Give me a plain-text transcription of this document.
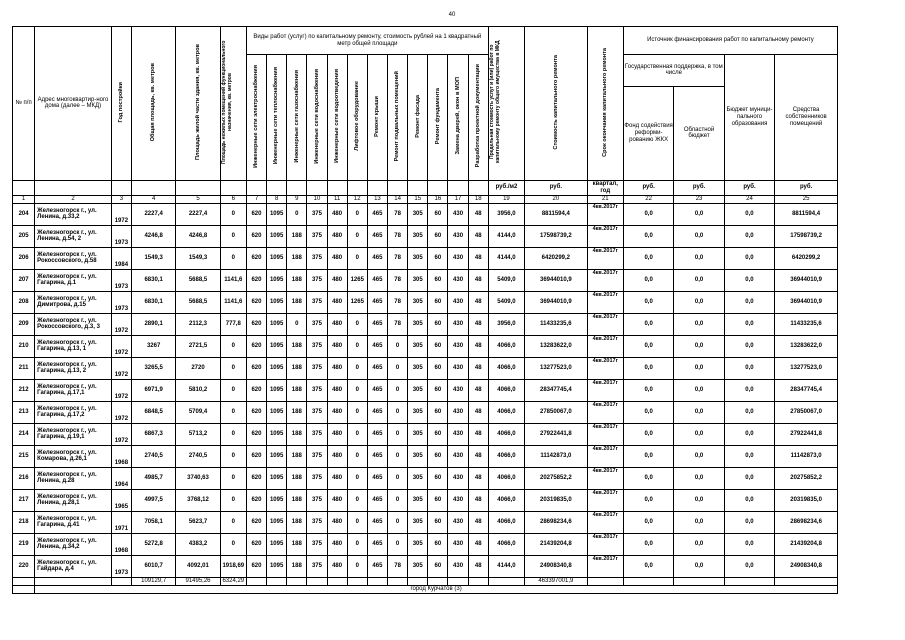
40
№ п/п	Адрес многоквартир-ного дома (далее – МКД)	Год постройки	Общая площадь, кв. метров	Площадь жилой части здания, кв. метров	Площадь нежилых помещений функционального назначения, кв. метров	Виды работ (услуг) по капитальному ремонту, стоимость рублей на 1 квадратный метр общей площади												Предельная стоимость услуг и (или) работ по капитальному ремонту общего имущества в МКД	Стоимость капитального ремонта	Срок окончания капитального ремонта	Источник финансирования работ по капитальному ремонту			
						Инженерные сети электроснабжения	Инженерные сети теплоснабжения	Инженерные сети газоснабжения	Инженерные сети водоснабжения	Инженерные сети водоотведения	Лифтовое оборудование	Ремонт крыши	Ремонт подвальных помещений	Ремонт фасада	Ремонт фундамента	Замена дверей, окон в МОП	Разработка проектной документации				Государственная поддержка, в том числе		Бюджет муници-пального образования	Средства собственников помещений
																					Фонд содействия реформи-рованию ЖКХ	Областной бюджет		
																		руб./м2	руб.	квартал, год	руб.	руб.	руб.	руб.
1	2	3	4	5	6	7	8	9	10	11	12	13	14	15	16	17	18	19	20	21	22	23	24	25
204	Железногорск г., ул. Ленина, д.33,2	1972	2227,4	2227,4	0	620	1095	0	375	480	0	465	78	305	60	430	48	3956,0	8811594,4	4кв.2017г	0,0	0,0	0,0	8811594,4
205	Железногорск г., ул. Ленина, д.54, 2	1973	4246,8	4246,8	0	620	1095	188	375	480	0	465	78	305	60	430	48	4144,0	17598739,2	4кв.2017г	0,0	0,0	0,0	17598739,2
206	Железногорск г., ул. Рокоссовского, д.58	1984	1549,3	1549,3	0	620	1095	188	375	480	0	465	78	305	60	430	48	4144,0	6420299,2	4кв.2017г	0,0	0,0	0,0	6420299,2
207	Железногорск г., ул. Гагарина, д.1	1973	6830,1	5688,5	1141,6	620	1095	188	375	480	1265	465	78	305	60	430	48	5409,0	36944010,9	4кв.2017г	0,0	0,0	0,0	36944010,9
208	Железногорск г., ул. Димитрова, д.15	1973	6830,1	5688,5	1141,6	620	1095	188	375	480	1265	465	78	305	60	430	48	5409,0	36944010,9	4кв.2017г	0,0	0,0	0,0	36944010,9
209	Железногорск г., ул. Рокоссовского, д.3, 3	1972	2890,1	2112,3	777,8	620	1095	0	375	480	0	465	78	305	60	430	48	3956,0	11433235,6	4кв.2017г	0,0	0,0	0,0	11433235,6
210	Железногорск г., ул. Гагарина, д.13, 1	1972	3267	2721,5	0	620	1095	188	375	480	0	465	0	305	60	430	48	4066,0	13283622,0	4кв.2017г	0,0	0,0	0,0	13283622,0
211	Железногорск г., ул. Гагарина, д.13, 2	1972	3265,5	2720	0	620	1095	188	375	480	0	465	0	305	60	430	48	4066,0	13277523,0	4кв.2017г	0,0	0,0	0,0	13277523,0
212	Железногорск г., ул. Гагарина, д.17,1	1972	6971,9	5810,2	0	620	1095	188	375	480	0	465	0	305	60	430	48	4066,0	28347745,4	4кв.2017г	0,0	0,0	0,0	28347745,4
213	Железногорск г., ул. Гагарина, д.17,2	1972	6848,5	5709,4	0	620	1095	188	375	480	0	465	0	305	60	430	48	4066,0	27850067,0	4кв.2017г	0,0	0,0	0,0	27850067,0
214	Железногорск г., ул. Гагарина, д.19,1	1972	6867,3	5713,2	0	620	1095	188	375	480	0	465	0	305	60	430	48	4066,0	27922441,8	4кв.2017г	0,0	0,0	0,0	27922441,8
215	Железногорск г., ул. Комарова, д.26,1	1968	2740,5	2740,5	0	620	1095	188	375	480	0	465	0	305	60	430	48	4066,0	11142873,0	4кв.2017г	0,0	0,0	0,0	11142873,0
216	Железногорск г., ул. Ленина, д.28	1964	4985,7	3740,63	0	620	1095	188	375	480	0	465	0	305	60	430	48	4066,0	20275852,2	4кв.2017г	0,0	0,0	0,0	20275852,2
217	Железногорск г., ул. Ленина, д.28,1	1965	4997,5	3768,12	0	620	1095	188	375	480	0	465	0	305	60	430	48	4066,0	20319835,0	4кв.2017г	0,0	0,0	0,0	20319835,0
218	Железногорск г., ул. Гагарина, д.41	1971	7058,1	5623,7	0	620	1095	188	375	480	0	465	0	305	60	430	48	4066,0	28698234,6	4кв.2017г	0,0	0,0	0,0	28698234,6
219	Железногорск г., ул. Ленина, д.34,2	1968	5272,8	4383,2	0	620	1095	188	375	480	0	465	0	305	60	430	48	4066,0	21439204,8	4кв.2017г	0,0	0,0	0,0	21439204,8
220	Железногорск г., ул. Гайдара, д.4	1973	6010,7	4092,01	1918,69	620	1095	188	375	480	0	465	78	305	60	430	48	4144,0	24908340,8	4кв.2017г	0,0	0,0	0,0	24908340,8
			109129,7	91495,26	6324,29														463397001,9					
	город Курчатов (3)																							
